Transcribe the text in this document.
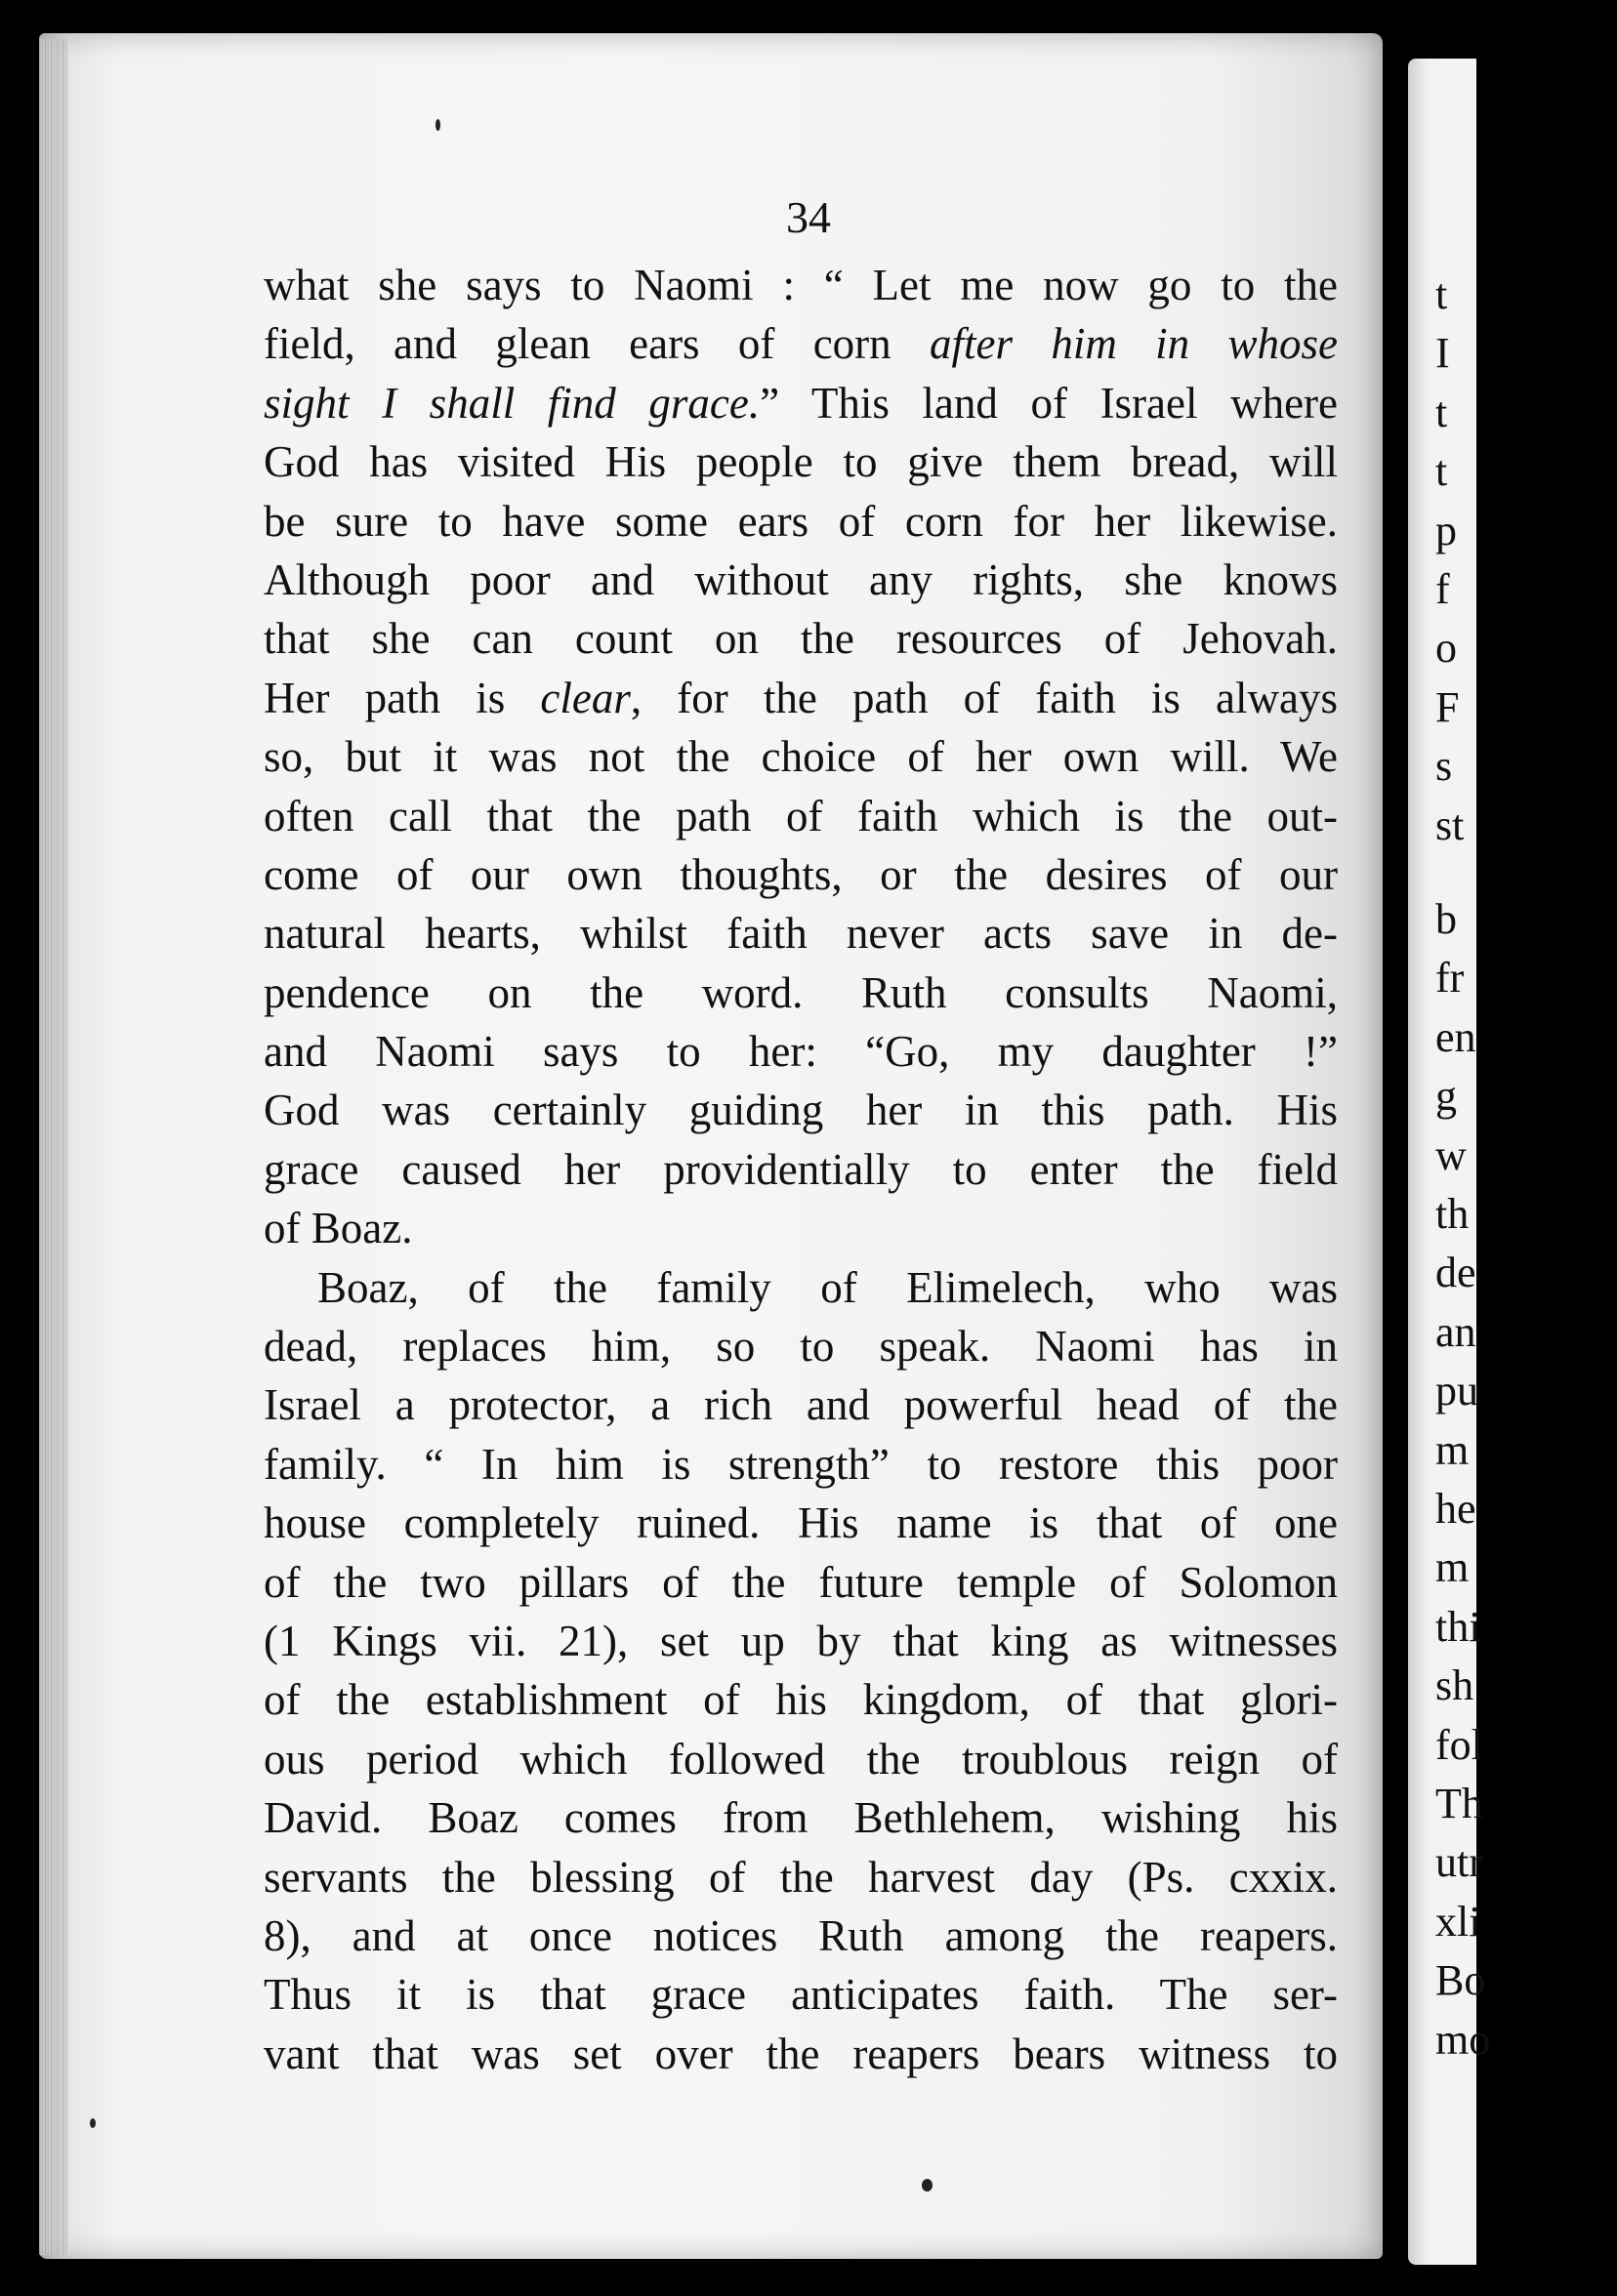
t
I
t
t
p
f
o
F
s
st
b
fr
en
g
w
th
de
an
pu
m
he
m
thi
sh
fol
Th
utr
xli
Bo
mo
34
what she says to Naomi : “ Let me now go to the
field, and glean ears of corn after him in whose
sight I shall find grace.” This land of Israel where
God has visited His people to give them bread, will
be sure to have some ears of corn for her likewise.
Although poor and without any rights, she knows
that she can count on the resources of Jehovah.
Her path is clear, for the path of faith is always
so, but it was not the choice of her own will. We
often call that the path of faith which is the out-
come of our own thoughts, or the desires of our
natural hearts, whilst faith never acts save in de-
pendence on the word. Ruth consults Naomi,
and Naomi says to her: “Go, my daughter !”
God was certainly guiding her in this path. His
grace caused her providentially to enter the field
of Boaz.
Boaz, of the family of Elimelech, who was
dead, replaces him, so to speak. Naomi has in
Israel a protector, a rich and powerful head of the
family. “ In him is strength” to restore this poor
house completely ruined. His name is that of one
of the two pillars of the future temple of Solomon
(1 Kings vii. 21), set up by that king as witnesses
of the establishment of his kingdom, of that glori-
ous period which followed the troublous reign of
David. Boaz comes from Bethlehem, wishing his
servants the blessing of the harvest day (Ps. cxxix.
8), and at once notices Ruth among the reapers.
Thus it is that grace anticipates faith. The ser-
vant that was set over the reapers bears witness to
